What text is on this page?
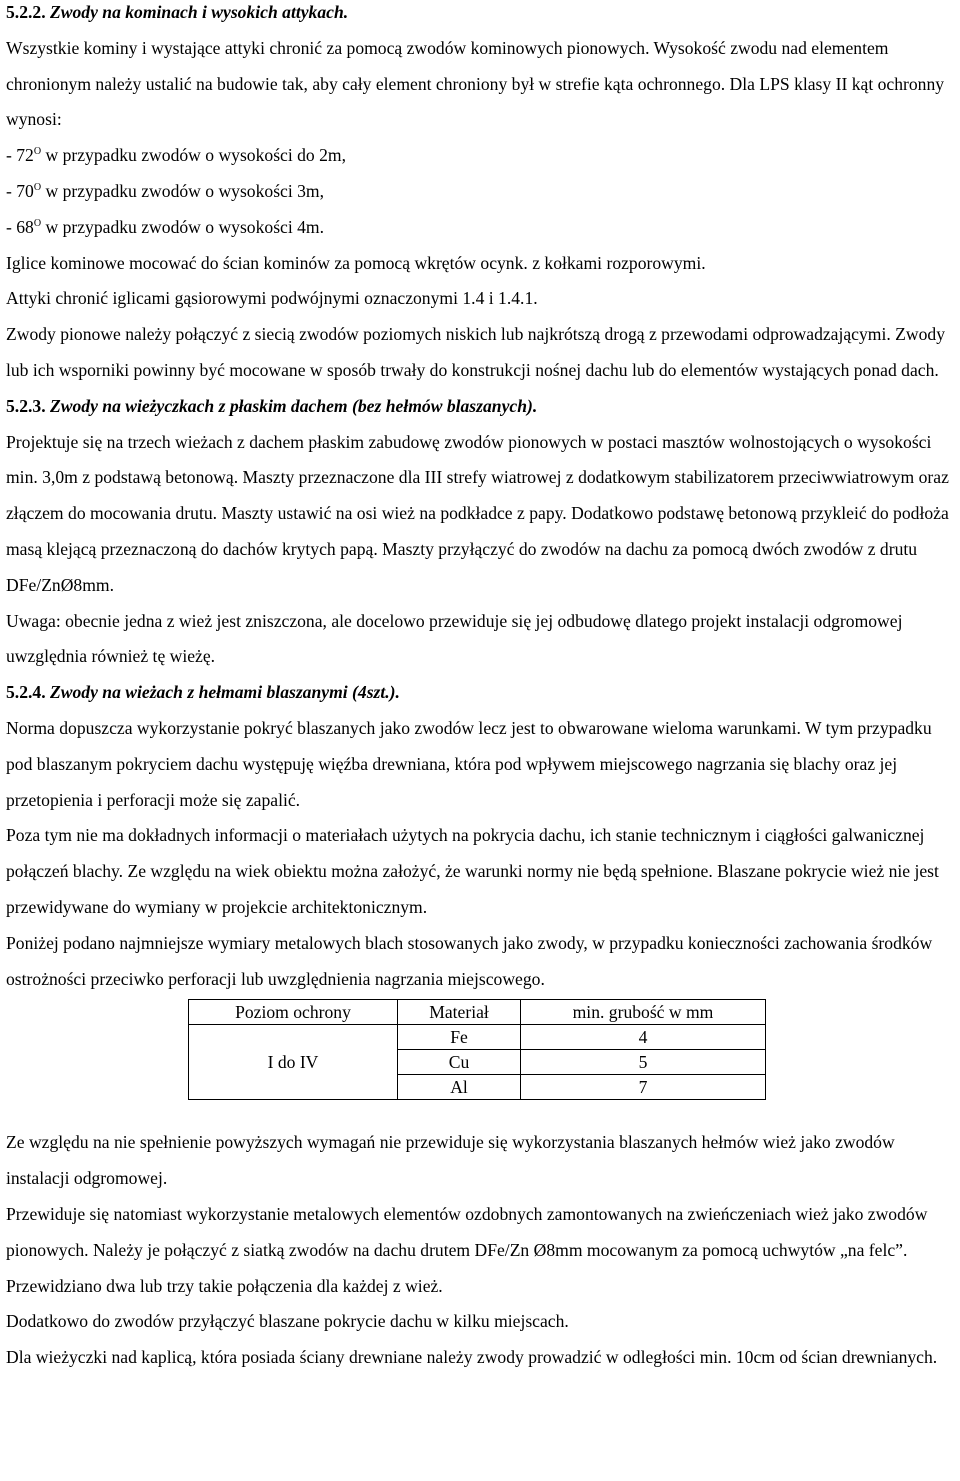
5.2.2. Zwody na kominach i wysokich attykach.

Wszystkie kominy i wystające attyki chronić za pomocą zwodów kominowych pionowych. Wysokość zwodu nad elementem chronionym należy ustalić na budowie tak, aby cały element chroniony był w strefie kąta ochronnego. Dla LPS klasy II kąt ochronny wynosi:

- $72^O$ w przypadku zwodów o wysokości do 2m,

- $70^O$ w przypadku zwodów o wysokości 3m,

- $68^O$ w przypadku zwodów o wysokości 4m.

Iglice kominowe mocować do ścian kominów za pomocą wkrętów ocynk. z kołkami rozporowymi.

Attyki chronić iglicami gąsiorowymi podwójnymi oznaczonymi 1.4 i 1.4.1.

Zwody pionowe należy połączyć z siecią zwodów poziomych niskich lub najkrótszą drogą z przewodami odprowadzającymi. Zwody lub ich wsporniki powinny być mocowane w sposób trwały do konstrukcji nośnej dachu lub do elementów wystających ponad dach.

5.2.3. Zwody na wieżyczkach z płaskim dachem (bez hełmów blaszanych).

Projektuje się na trzech wieżach z dachem płaskim zabudowę zwodów pionowych w postaci masztów wolnostojących o wysokości min. 3,0m z podstawą betonową. Maszty przeznaczone dla III strefy wiatrowej z dodatkowym stabilizatorem przeciwwiatrowym oraz złączem do mocowania drutu. Maszty ustawić na osi wież na podkładce z papy. Dodatkowo podstawę betonową przykleić do podłoża masą klejącą przeznaczoną do dachów krytych papą. Maszty przyłączyć do zwodów na dachu za pomocą dwóch zwodów z drutu DFe/ZnØ8mm.

Uwaga: obecnie jedna z wież jest zniszczona, ale docelowo przewiduje się jej odbudowę dlatego projekt instalacji odgromowej uwzględnia również tę wieżę.

5.2.4. Zwody na wieżach z hełmami blaszanymi (4szt.).

Norma dopuszcza wykorzystanie pokryć blaszanych jako zwodów lecz jest to obwarowane wieloma warunkami. W tym przypadku pod blaszanym pokryciem dachu występuję więźba drewniana, która pod wpływem miejscowego nagrzania się blachy oraz jej przetopienia i perforacji może się zapalić.

Poza tym nie ma dokładnych informacji o materiałach użytych na pokrycia dachu, ich stanie technicznym i ciągłości galwanicznej połączeń blachy. Ze względu na wiek obiektu można założyć, że warunki normy nie będą spełnione. Blaszane pokrycie wież nie jest przewidywane do wymiany w projekcie architektonicznym.

Poniżej podano najmniejsze wymiary metalowych blach stosowanych jako zwody, w przypadku konieczności zachowania środków ostrożności przeciwko perforacji lub uwzględnienia nagrzania miejscowego.

Poziom ochrony	Materiał	min. grubość w mm
I do IV	Fe	4
	Cu	5
	Al	7

Ze względu na nie spełnienie powyższych wymagań nie przewiduje się wykorzystania blaszanych hełmów wież jako zwodów instalacji odgromowej.

Przewiduje się natomiast wykorzystanie metalowych elementów ozdobnych zamontowanych na zwieńczeniach wież jako zwodów pionowych. Należy je połączyć z siatką zwodów na dachu drutem DFe/Zn Ø8mm mocowanym za pomocą uchwytów „na felc”. Przewidziano dwa lub trzy takie połączenia dla każdej z wież.

Dodatkowo do zwodów przyłączyć blaszane pokrycie dachu w kilku miejscach.

Dla wieżyczki nad kaplicą, która posiada ściany drewniane należy zwody prowadzić w odległości min. 10cm od ścian drewnianych.
